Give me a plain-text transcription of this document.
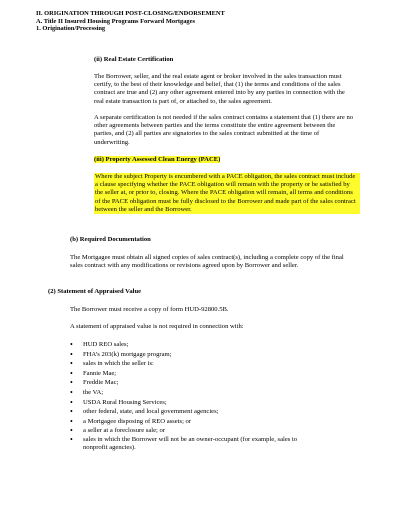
II. ORIGINATION THROUGH POST-CLOSING/ENDORSEMENT
A. Title II Insured Housing Programs Forward Mortgages
1. Origination/Processing
(ii) Real Estate Certification

The Borrower, seller, and the real estate agent or broker involved in the sales transaction must certify, to the best of their knowledge and belief, that (1) the terms and conditions of the sales contract are true and (2) any other agreement entered into by any parties in connection with the real estate transaction is part of, or attached to, the sales agreement.

A separate certification is not needed if the sales contract contains a statement that (1) there are no other agreements between parties and the terms constitute the entire agreement between the parties, and (2) all parties are signatories to the sales contract submitted at the time of underwriting.

(iii) Property Assessed Clean Energy (PACE)

Where the subject Property is encumbered with a PACE obligation, the sales contract must include a clause specifying whether the PACE obligation will remain with the property or be satisfied by the seller at, or prior to, closing. Where the PACE obligation will remain, all terms and conditions of the PACE obligation must be fully disclosed to the Borrower and made part of the sales contract between the seller and the Borrower.

(b) Required Documentation

The Mortgagee must obtain all signed copies of sales contract(s), including a complete copy of the final sales contract with any modifications or revisions agreed upon by Borrower and seller.

(2) Statement of Appraised Value

The Borrower must receive a copy of form HUD-92800.5B.

A statement of appraised value is not required in connection with:

• HUD REO sales;
• FHA’s 203(k) mortgage program;
• sales in which the seller is:
• Fannie Mae;
• Freddie Mac;
• the VA;
• USDA Rural Housing Services;
• other federal, state, and local government agencies;
• a Mortgagee disposing of REO assets; or
• a seller at a foreclosure sale; or
• sales in which the Borrower will not be an owner-occupant (for example, sales to nonprofit agencies).
